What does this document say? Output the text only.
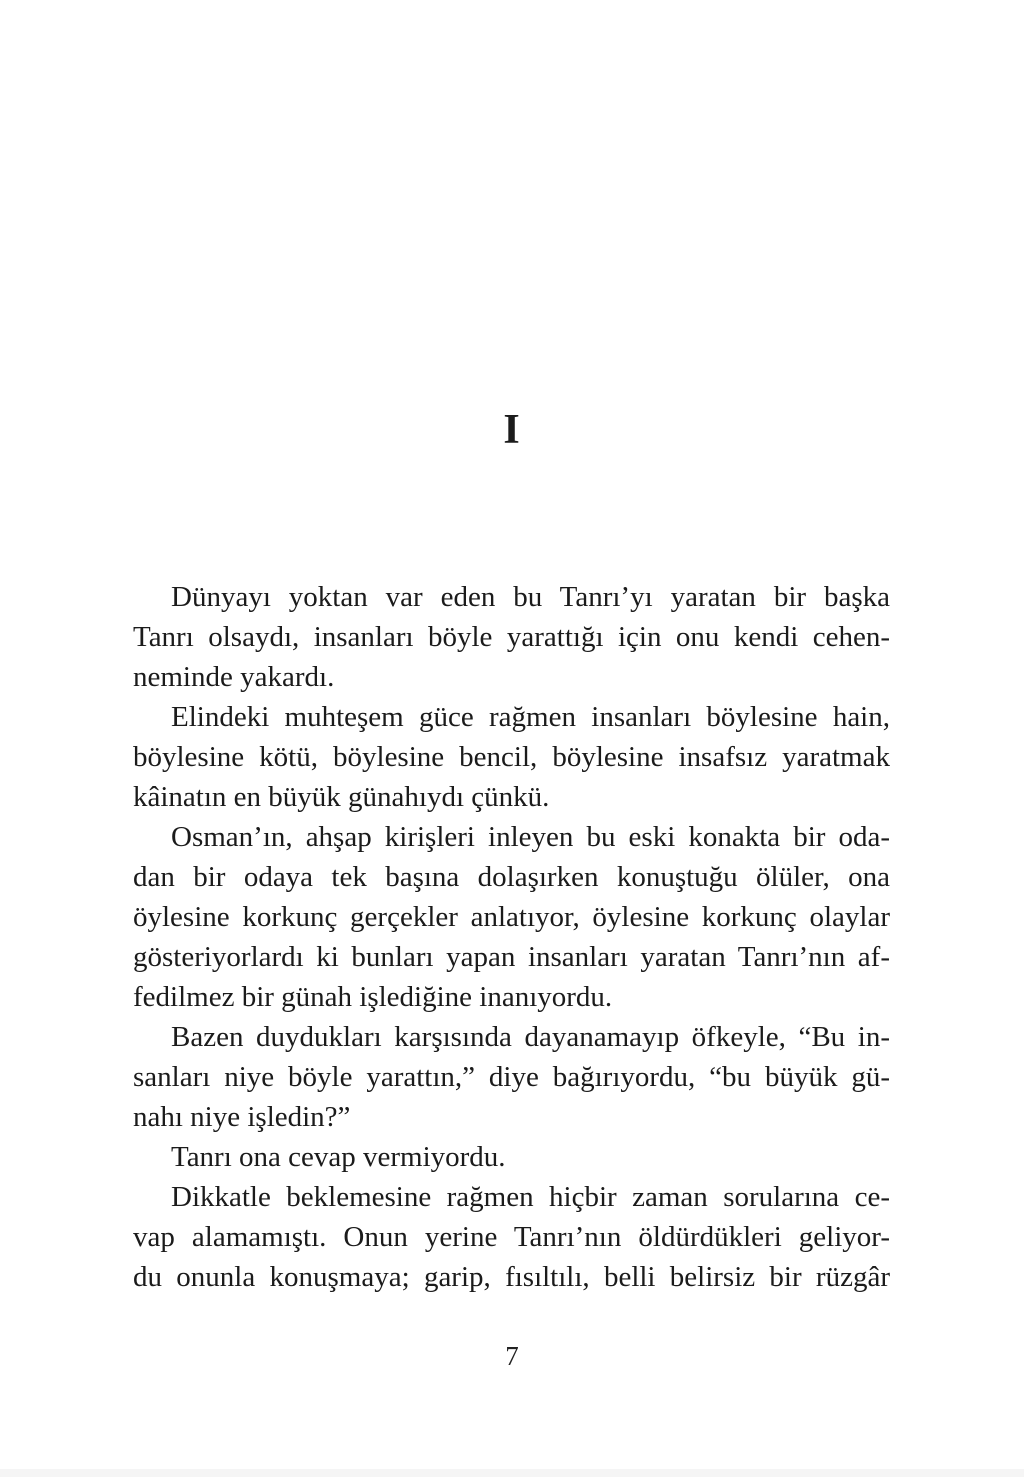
I
Dünyayı yoktan var eden bu Tanrı’yı yaratan bir başka
Tanrı olsaydı, insanları böyle yarattığı için onu kendi cehen-
neminde yakardı.
Elindeki muhteşem güce rağmen insanları böylesine hain,
böylesine kötü, böylesine bencil, böylesine insafsız yaratmak
kâinatın en büyük günahıydı çünkü.
Osman’ın, ahşap kirişleri inleyen bu eski konakta bir oda-
dan bir odaya tek başına dolaşırken konuştuğu ölüler, ona
öylesine korkunç gerçekler anlatıyor, öylesine korkunç olaylar
gösteriyorlardı ki bunları yapan insanları yaratan Tanrı’nın af-
fedilmez bir günah işlediğine inanıyordu.
Bazen duydukları karşısında dayanamayıp öfkeyle, “Bu in-
sanları niye böyle yarattın,” diye bağırıyordu, “bu büyük gü-
nahı niye işledin?”
Tanrı ona cevap vermiyordu.
Dikkatle beklemesine rağmen hiçbir zaman sorularına ce-
vap alamamıştı. Onun yerine Tanrı’nın öldürdükleri geliyor-
du onunla konuşmaya; garip, fısıltılı, belli belirsiz bir rüzgâr
7
